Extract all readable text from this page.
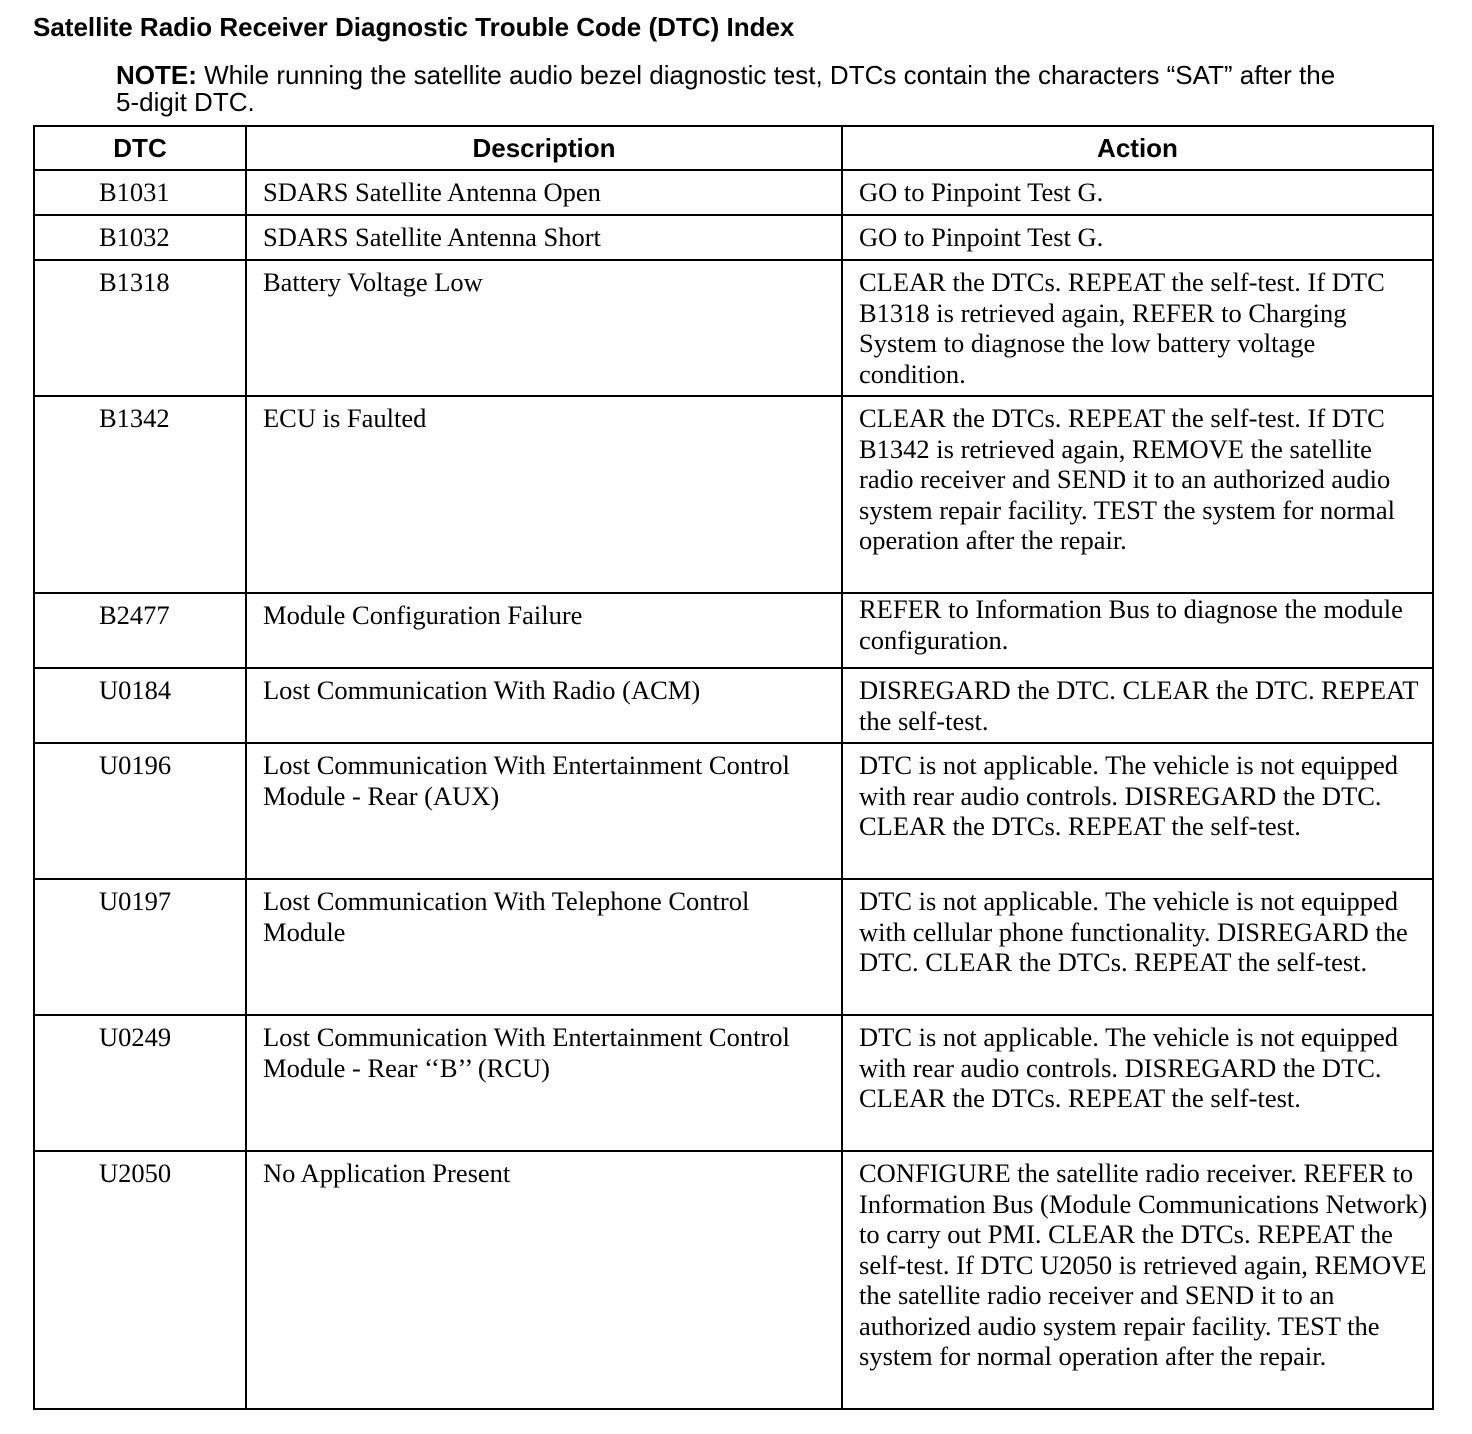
Satellite Radio Receiver Diagnostic Trouble Code (DTC) Index

NOTE: While running the satellite audio bezel diagnostic test, DTCs contain the characters “SAT” after the 5-digit DTC.

DTC	Description	Action
B1031	SDARS Satellite Antenna Open	GO to Pinpoint Test G.
B1032	SDARS Satellite Antenna Short	GO to Pinpoint Test G.
B1318	Battery Voltage Low	CLEAR the DTCs. REPEAT the self-test. If DTC B1318 is retrieved again, REFER to Charging System to diagnose the low battery voltage condition.
B1342	ECU is Faulted	CLEAR the DTCs. REPEAT the self-test. If DTC B1342 is retrieved again, REMOVE the satellite radio receiver and SEND it to an authorized audio system repair facility. TEST the system for normal operation after the repair.
B2477	Module Configuration Failure	REFER to Information Bus to diagnose the module configuration.
U0184	Lost Communication With Radio (ACM)	DISREGARD the DTC. CLEAR the DTC. REPEAT the self-test.
U0196	Lost Communication With Entertainment Control Module - Rear (AUX)	DTC is not applicable. The vehicle is not equipped with rear audio controls. DISREGARD the DTC. CLEAR the DTCs. REPEAT the self-test.
U0197	Lost Communication With Telephone Control Module	DTC is not applicable. The vehicle is not equipped with cellular phone functionality. DISREGARD the DTC. CLEAR the DTCs. REPEAT the self-test.
U0249	Lost Communication With Entertainment Control Module - Rear ‘‘B’’ (RCU)	DTC is not applicable. The vehicle is not equipped with rear audio controls. DISREGARD the DTC. CLEAR the DTCs. REPEAT the self-test.
U2050	No Application Present	CONFIGURE the satellite radio receiver. REFER to Information Bus (Module Communications Network) to carry out PMI. CLEAR the DTCs. REPEAT the self-test. If DTC U2050 is retrieved again, REMOVE the satellite radio receiver and SEND it to an authorized audio system repair facility. TEST the system for normal operation after the repair.
